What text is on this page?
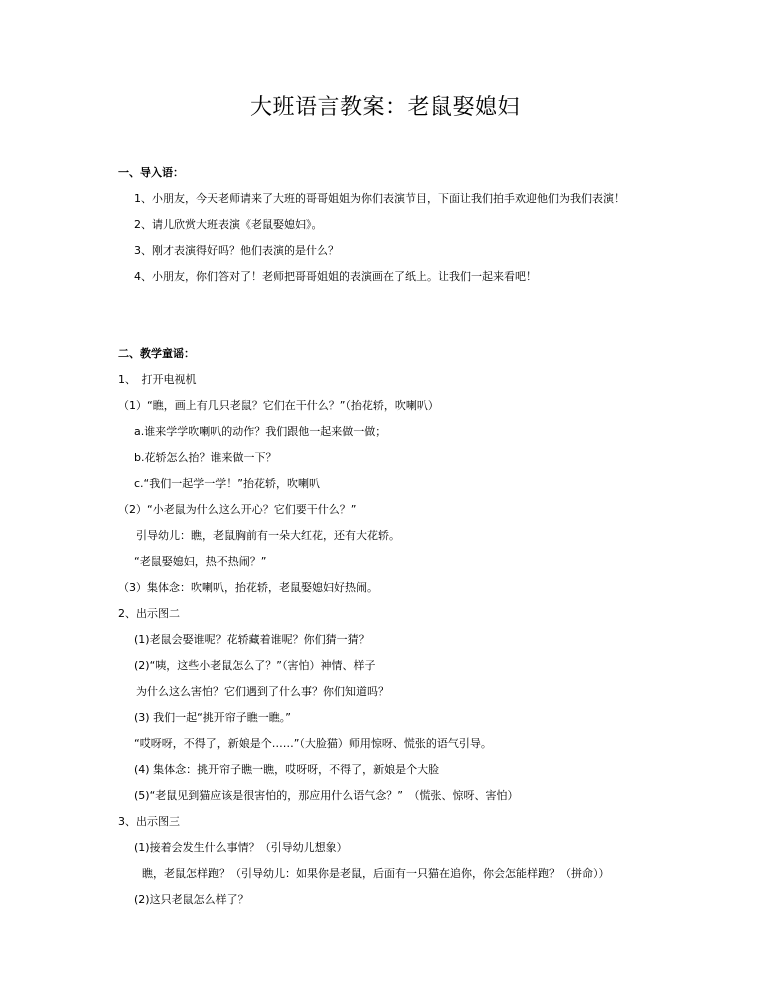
大班语言教案：老鼠娶媳妇
一、导入语：
1、小朋友，今天老师请来了大班的哥哥姐姐为你们表演节目，下面让我们拍手欢迎他们为我们表演！
2、请儿欣赏大班表演《老鼠娶媳妇》。
3、刚才表演得好吗？他们表演的是什么？
4、小朋友，你们答对了！老师把哥哥姐姐的表演画在了纸上。让我们一起来看吧！
二、教学童谣：
1、　打开电视机
（1）“瞧，画上有几只老鼠？它们在干什么？”（抬花轿，吹喇叭）
a.谁来学学吹喇叭的动作？我们跟他一起来做一做；
b.花轿怎么抬？谁来做一下？
c.“我们一起学一学！”抬花轿，吹喇叭
（2）“小老鼠为什么这么开心？它们要干什么？”
引导幼儿：瞧，老鼠胸前有一朵大红花，还有大花轿。
“老鼠娶媳妇，热不热闹？”
（3）集体念：吹喇叭，抬花轿，老鼠娶媳妇好热闹。
2、出示图二
(1)老鼠会娶谁呢？花轿藏着谁呢？你们猜一猜？
(2)“咦，这些小老鼠怎么了？”（害怕）神情、样子
为什么这么害怕？它们遇到了什么事？你们知道吗？
(3) 我们一起“挑开帘子瞧一瞧。”
“哎呀呀，不得了，新娘是个……”（大脸猫）师用惊呀、慌张的语气引导。
(4) 集体念：挑开帘子瞧一瞧，哎呀呀，不得了，新娘是个大脸
(5)“老鼠见到猫应该是很害怕的，那应用什么语气念？”　（慌张、惊呀、害怕）
3、出示图三
(1)接着会发生什么事情？（引导幼儿想象）
瞧，老鼠怎样跑？（引导幼儿：如果你是老鼠，后面有一只猫在追你，你会怎能样跑？（拼命））
(2)这只老鼠怎么样了？
